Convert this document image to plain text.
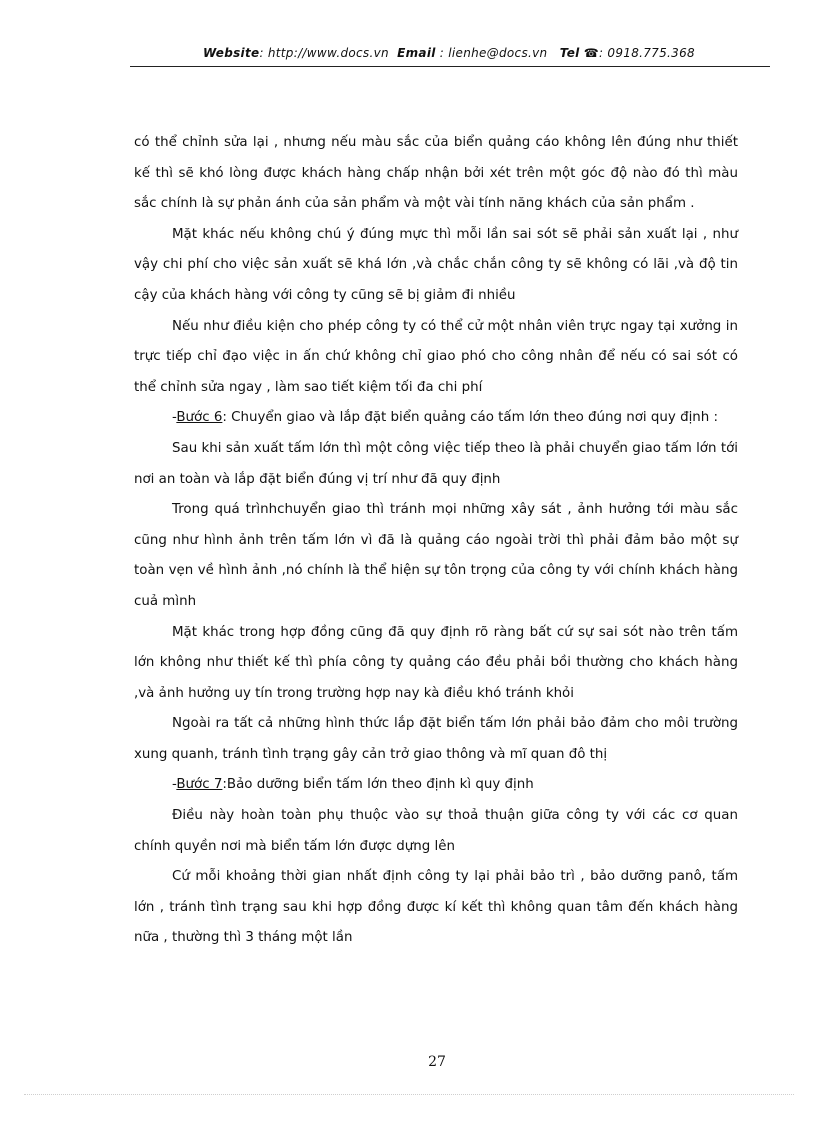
Website: http://www.docs.vn Email : lienhe@docs.vn Tel ☎: 0918.775.368

có thể chỉnh sửa lại , nhưng nếu màu sắc của biển quảng cáo không lên đúng như thiết kế thì sẽ khó lòng được khách hàng chấp nhận bởi xét trên một góc độ nào đó thì màu sắc chính là sự phản ánh của sản phẩm và một vài tính năng khách của sản phẩm .

Mặt khác nếu không chú ý đúng mực thì mỗi lần sai sót sẽ phải sản xuất lại , như vậy chi phí cho việc sản xuất sẽ khá lớn ,và chắc chắn công ty sẽ không có lãi ,và độ tin cậy của khách hàng với công ty cũng sẽ bị giảm đi nhiều

Nếu như điều kiện cho phép công ty có thể cử một nhân viên trực ngay tại xưởng in trực tiếp chỉ đạo việc in ấn chứ không chỉ giao phó cho công nhân để nếu có sai sót có thể chỉnh sửa ngay , làm sao tiết kiệm tối đa chi phí

-Bước 6: Chuyển giao và lắp đặt biển quảng cáo tấm lớn theo đúng nơi quy định :

Sau khi sản xuất tấm lớn thì một công việc tiếp theo là phải chuyển giao tấm lớn tới nơi an toàn và lắp đặt biển đúng vị trí như đã quy định

Trong quá trìnhchuyển giao thì tránh mọi những xây sát , ảnh hưởng tới màu sắc cũng như hình ảnh trên tấm lớn vì đã là quảng cáo ngoài trời thì phải đảm bảo một sự toàn vẹn về hình ảnh ,nó chính là thể hiện sự tôn trọng của công ty với chính khách hàng cuả mình

Mặt khác trong hợp đồng cũng đã quy định rõ ràng bất cứ sự sai sót nào trên tấm lớn không như thiết kế thì phía công ty quảng cáo đều phải bồi thường cho khách hàng ,và ảnh hưởng uy tín trong trường hợp nay kà điều khó tránh khỏi

Ngoài ra tất cả những hình thức lắp đặt biển tấm lớn phải bảo đảm cho môi trường xung quanh, tránh tình trạng gây cản trở giao thông và mĩ quan đô thị

-Bước 7:Bảo dưỡng biển tấm lớn theo định kì quy định

Điều này hoàn toàn phụ thuộc vào sự thoả thuận giữa công ty với các cơ quan chính quyền nơi mà biển tấm lớn được dựng lên

Cứ mỗi khoảng thời gian nhất định công ty lại phải bảo trì , bảo dưỡng panô, tấm lớn , tránh tình trạng sau khi hợp đồng được kí kết thì không quan tâm đến khách hàng nữa , thường thì 3 tháng một lần

27
